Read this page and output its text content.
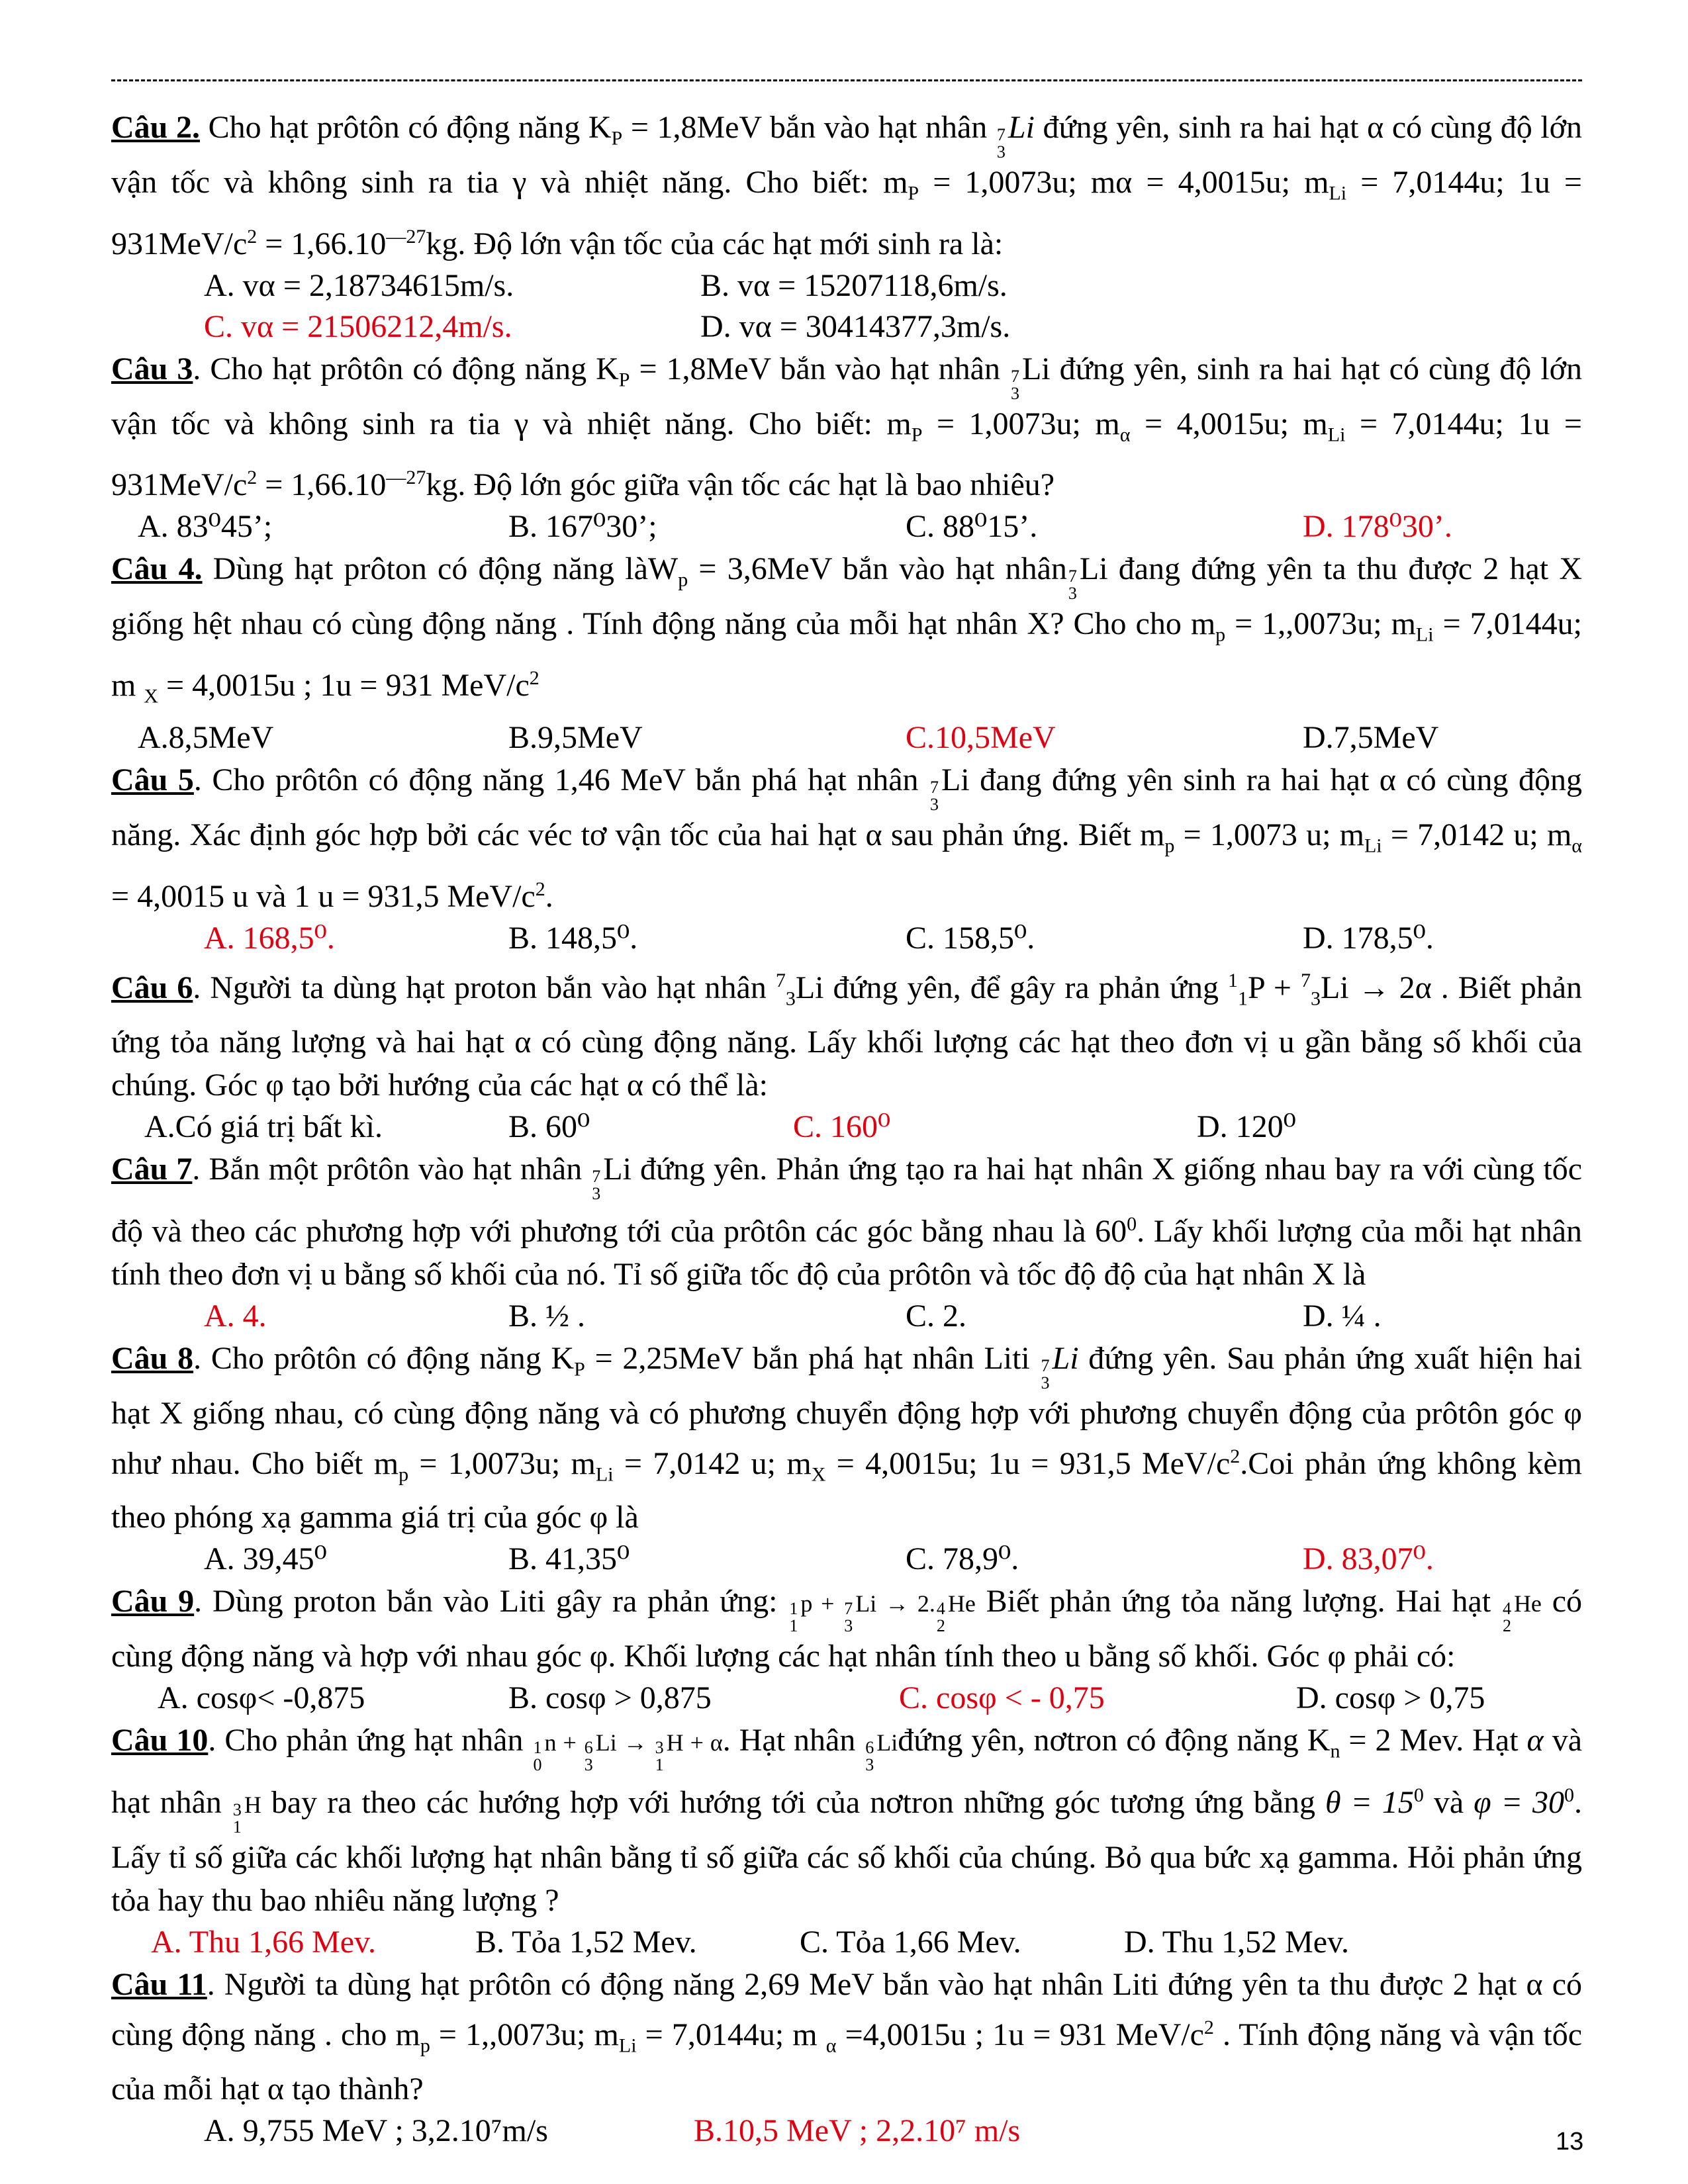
Câu 2. Cho hạt prôtôn có động năng $K_P = 1,8MeV$ bắn vào hạt nhân 7
3
Li đứng yên, sinh ra hai hạt α có cùng độ lớn vận tốc và không sinh ra tia γ và nhiệt năng. Cho biết: $m_P = 1,0073u$; mα = 4,0015u; $m_{Li} = 7,0144u$; $1u = 931MeV/c^2 = 1,66.10^{—27}kg$. Độ lớn vận tốc của các hạt mới sinh ra là:

A. vα = 2,18734615m/s.	B. vα = 15207118,6m/s.
C. vα = 21506212,4m/s.	D. vα = 30414377,3m/s.

Câu 3. Cho hạt prôtôn có động năng $K_P = 1,8MeV$ bắn vào hạt nhân 7
3
Li đứng yên, sinh ra hai hạt có cùng độ lớn vận tốc và không sinh ra tia γ và nhiệt năng. Cho biết: $m_P = 1,0073u$; $m_\alpha = 4,0015u$; $m_{Li} = 7,0144u$; $1u = 931MeV/c^2 = 1,66.10^{—27}kg$. Độ lớn góc giữa vận tốc các hạt là bao nhiêu?

A. 83⁰45’;	B. 167⁰30’;	C. 88⁰15’.	D. 178⁰30’.

Câu 4. Dùng hạt prôton có động năng làW$_p$ = 3,6MeV bắn vào hạt nhân 7
3
Li đang đứng yên ta thu được 2 hạt X giống hệt nhau có cùng động năng . Tính động năng của mỗi hạt nhân X? Cho cho $m_p = 1,,0073u$; $m_{Li} = 7,0144u$; m $_X$ = 4,0015u ; 1u = 931 MeV/$c^2$

A.8,5MeV	B.9,5MeV	C.10,5MeV	D.7,5MeV

Câu 5. Cho prôtôn có động năng 1,46 MeV bắn phá hạt nhân 7
3
Li đang đứng yên sinh ra hai hạt α có cùng động năng. Xác định góc hợp bởi các véc tơ vận tốc của hai hạt α sau phản ứng. Biết $m_p = 1,0073$ u; $m_{Li} = 7,0142$ u; $m_\alpha = 4,0015$ u và 1 u = 931,5 MeV/$c^2$.

A. 168,5⁰.	B. 148,5⁰.	C. 158,5⁰.	D. 178,5⁰.

Câu 6. Người ta dùng hạt proton bắn vào hạt nhân $^7_3$Li đứng yên, để gây ra phản ứng $^1_1$P + $^7_3$Li → 2α . Biết phản ứng tỏa năng lượng và hai hạt α có cùng động năng. Lấy khối lượng các hạt theo đơn vị u gần bằng số khối của chúng. Góc φ tạo bởi hướng của các hạt α có thể là:

A.Có giá trị bất kì.	B. 60⁰	C. 160⁰	D. 120⁰

Câu 7. Bắn một prôtôn vào hạt nhân 7
3
Li đứng yên. Phản ứng tạo ra hai hạt nhân X giống nhau bay ra với cùng tốc độ và theo các phương hợp với phương tới của prôtôn các góc bằng nhau là $60^0$. Lấy khối lượng của mỗi hạt nhân tính theo đơn vị u bằng số khối của nó. Tỉ số giữa tốc độ của prôtôn và tốc độ độ của hạt nhân X là

A. 4.	B. ½ .	C. 2.	D. ¼ .

Câu 8. Cho prôtôn có động năng $K_P = 2,25MeV$ bắn phá hạt nhân Liti 7
3
Li đứng yên. Sau phản ứng xuất hiện hai hạt X giống nhau, có cùng động năng và có phương chuyển động hợp với phương chuyển động của prôtôn góc φ như nhau. Cho biết $m_p = 1,0073u$; $m_{Li} = 7,0142$ u; $m_X = 4,0015u$; 1u = 931,5 MeV/$c^2.Coi$ phản ứng không kèm theo phóng xạ gamma giá trị của góc φ là

A. 39,45⁰	B. 41,35⁰	C. 78,9⁰.	D. 83,07⁰.

Câu 9. Dùng proton bắn vào Liti gây ra phản ứng: 1
1
p + 7
3
Li → 2. 4
2
He Biết phản ứng tỏa năng lượng. Hai hạt 4
2
He có cùng động năng và hợp với nhau góc φ. Khối lượng các hạt nhân tính theo u bằng số khối. Góc φ phải có:

A. cosφ< -0,875	B. cosφ > 0,875	C. cosφ < - 0,75	D. cosφ > 0,75

Câu 10. Cho phản ứng hạt nhân 1
0
n + 6
3
Li → 3
1
H + α. Hạt nhân 6
3
Liđứng yên, nơtron có động năng $K_n = 2$ Mev. Hạt α và hạt nhân 3
1
H bay ra theo các hướng hợp với hướng tới của nơtron những góc tương ứng bằng $\theta = 15^0$ và $\varphi = 30^0$. Lấy tỉ số giữa các khối lượng hạt nhân bằng tỉ số giữa các số khối của chúng. Bỏ qua bức xạ gamma. Hỏi phản ứng tỏa hay thu bao nhiêu năng lượng ?

A. Thu 1,66 Mev.	B. Tỏa 1,52 Mev.	C. Tỏa 1,66 Mev.	D. Thu 1,52 Mev.

Câu 11. Người ta dùng hạt prôtôn có động năng 2,69 MeV bắn vào hạt nhân Liti đứng yên ta thu được 2 hạt α có cùng động năng . cho $m_p = 1,,0073u$; $m_{Li} = 7,0144u$; m $_\alpha$ =4,0015u ; 1u = 931 MeV/$c^2$ . Tính động năng và vận tốc của mỗi hạt α tạo thành?

A. 9,755 MeV ; 3,2.10⁷m/s	B.10,5 MeV ; 2,2.10⁷ m/s	13
